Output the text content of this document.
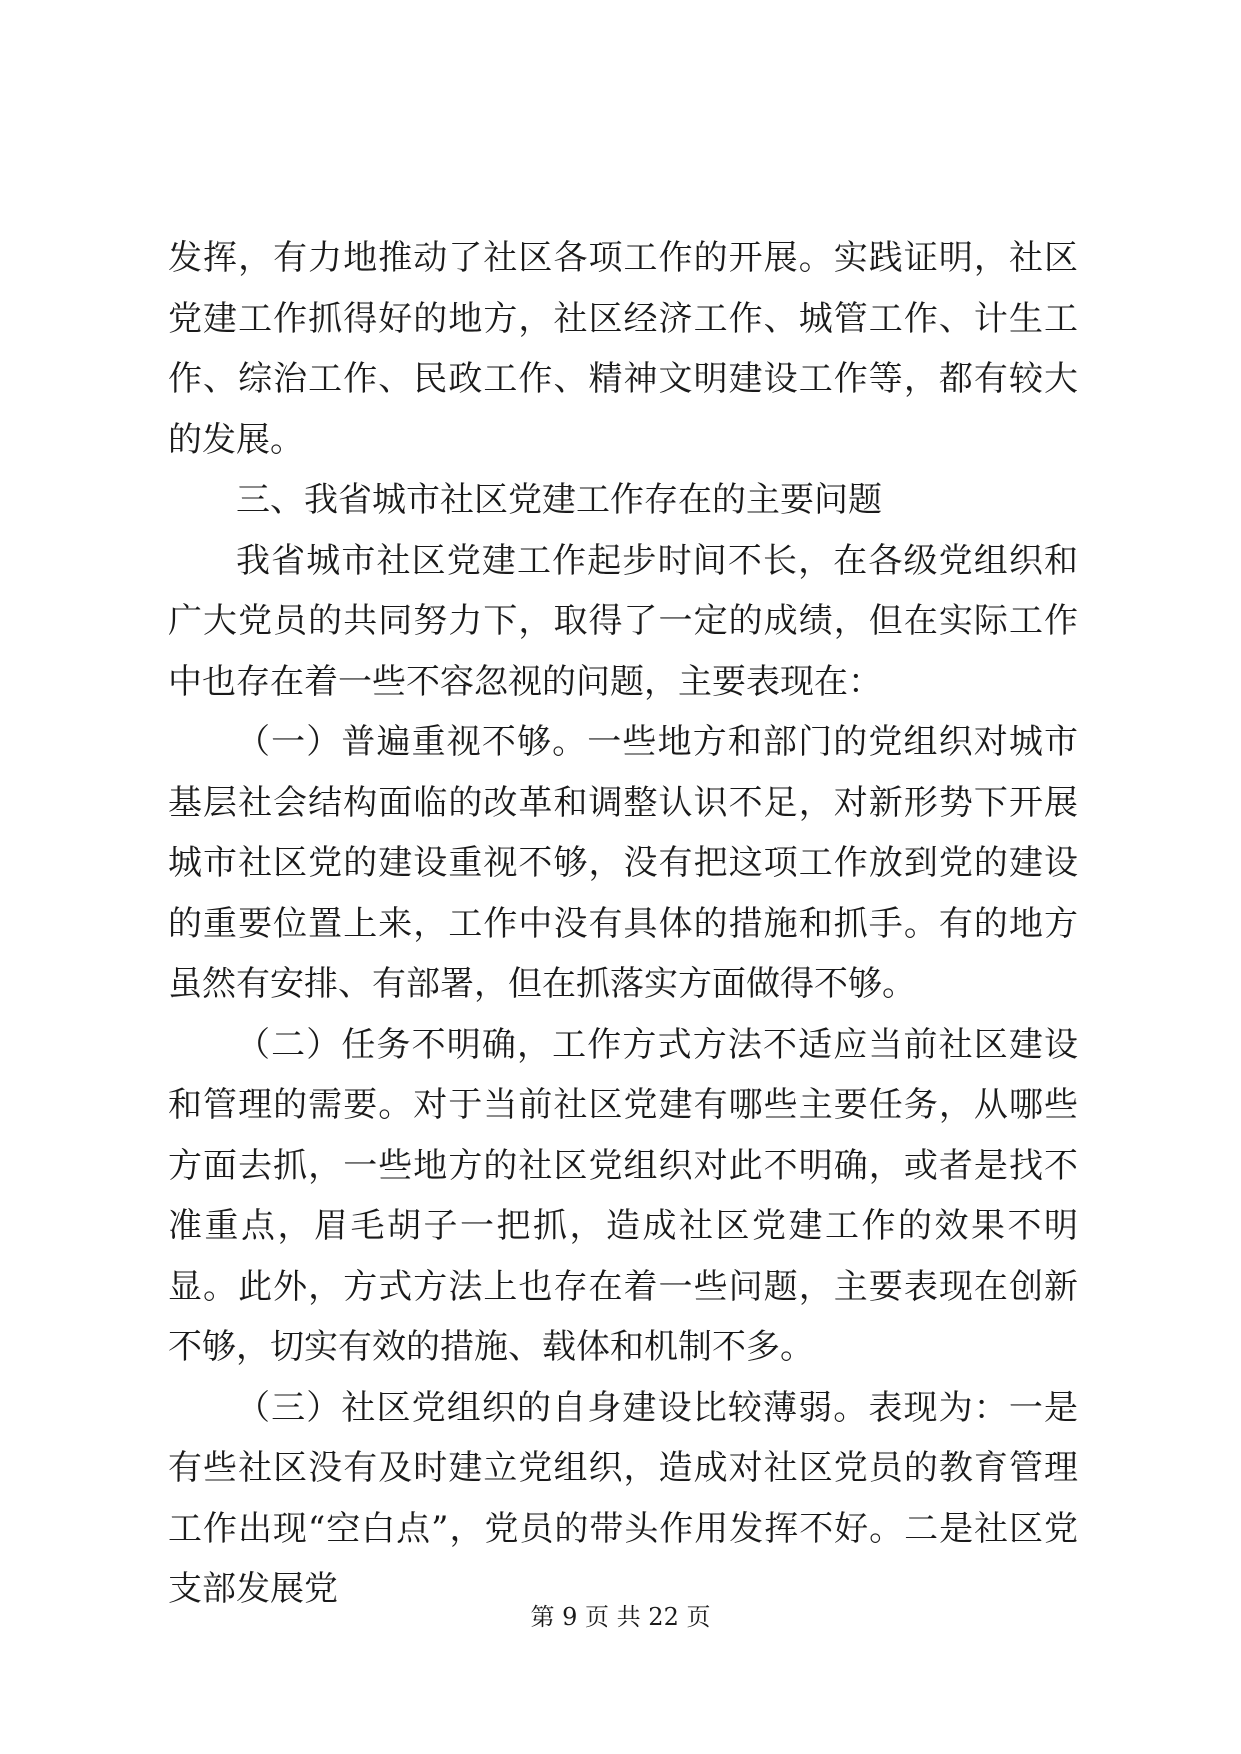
发挥，有力地推动了社区各项工作的开展。实践证明，社区党建工作抓得好的地方，社区经济工作、城管工作、计生工作、综治工作、民政工作、精神文明建设工作等，都有较大的发展。

三、我省城市社区党建工作存在的主要问题

我省城市社区党建工作起步时间不长，在各级党组织和广大党员的共同努力下，取得了一定的成绩，但在实际工作中也存在着一些不容忽视的问题，主要表现在：

（一）普遍重视不够。一些地方和部门的党组织对城市基层社会结构面临的改革和调整认识不足，对新形势下开展城市社区党的建设重视不够，没有把这项工作放到党的建设的重要位置上来，工作中没有具体的措施和抓手。有的地方虽然有安排、有部署，但在抓落实方面做得不够。

（二）任务不明确，工作方式方法不适应当前社区建设和管理的需要。对于当前社区党建有哪些主要任务，从哪些方面去抓，一些地方的社区党组织对此不明确，或者是找不准重点，眉毛胡子一把抓，造成社区党建工作的效果不明显。此外，方式方法上也存在着一些问题，主要表现在创新不够，切实有效的措施、载体和机制不多。

（三）社区党组织的自身建设比较薄弱。表现为：一是有些社区没有及时建立党组织，造成对社区党员的教育管理工作出现“空白点”，党员的带头作用发挥不好。二是社区党支部发展党

第 9 页 共 22 页
